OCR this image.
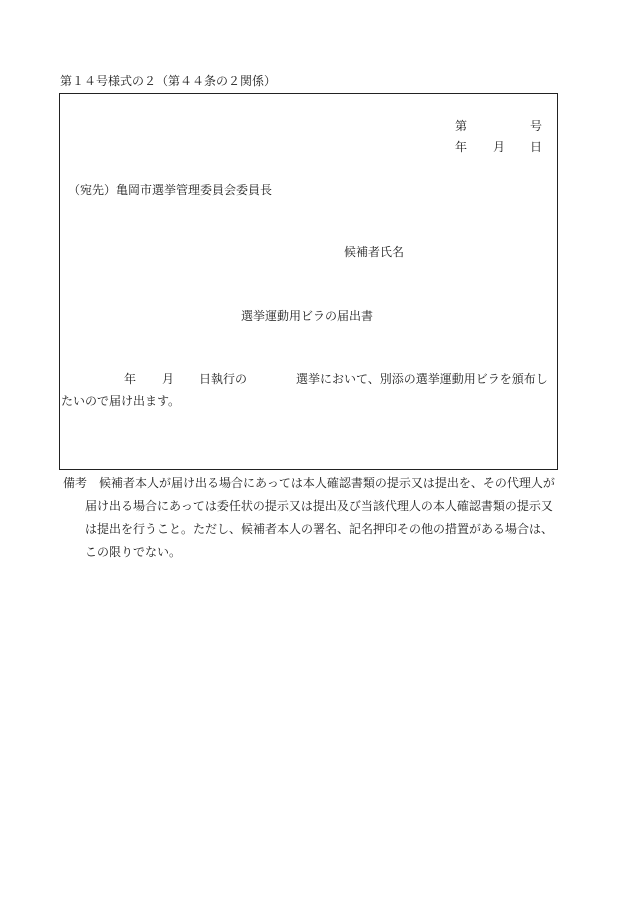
第１４号様式の２（第４４条の２関係）
第	号
年 月 日
（宛先）亀岡市選挙管理委員会委員長
候補者氏名
選挙運動用ビラの届出書
年 月 日執行の	選挙において、別添の選挙運動用ビラを頒布し
たいので届け出ます。
備考 候補者本人が届け出る場合にあっては本人確認書類の提示又は提出を、その代理人が
届け出る場合にあっては委任状の提示又は提出及び当該代理人の本人確認書類の提示又
は提出を行うこと。ただし、候補者本人の署名、記名押印その他の措置がある場合は、
この限りでない。
